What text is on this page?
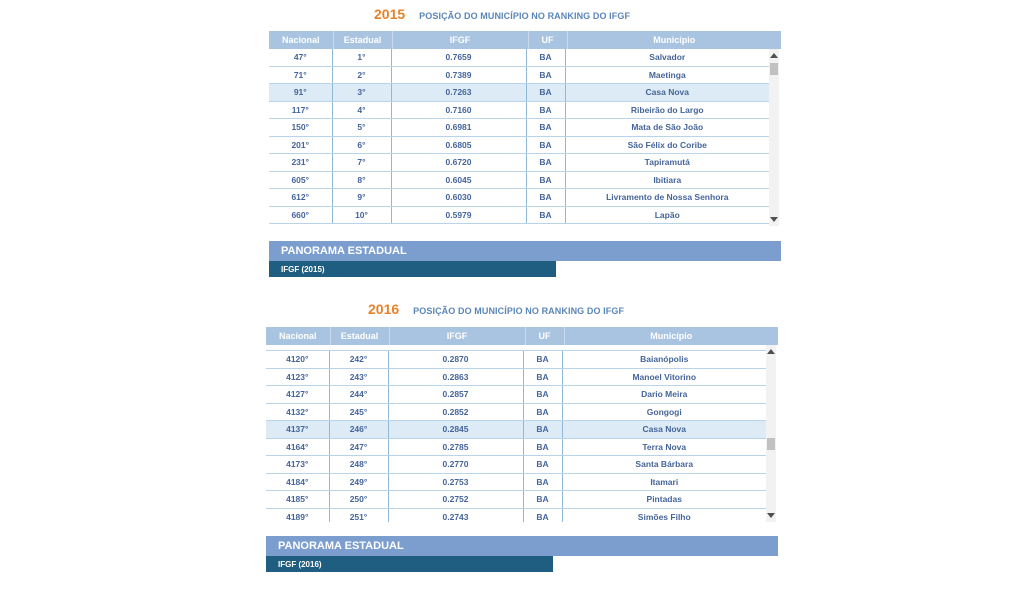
2015 POSIÇÃO DO MUNICÍPIO NO RANKING DO IFGF
Nacional	Estadual	IFGF	UF	Município
47°	1°	0.7659	BA	Salvador
71°	2°	0.7389	BA	Maetinga
91°	3°	0.7263	BA	Casa Nova
117°	4°	0.7160	BA	Ribeirão do Largo
150°	5°	0.6981	BA	Mata de São João
201°	6°	0.6805	BA	São Félix do Coribe
231°	7°	0.6720	BA	Tapiramutá
605°	8°	0.6045	BA	Ibitiara
612°	9°	0.6030	BA	Livramento de Nossa Senhora
660°	10°	0.5979	BA	Lapão
PANORAMA ESTADUAL
IFGF (2015)
2016 POSIÇÃO DO MUNICÍPIO NO RANKING DO IFGF
Nacional	Estadual	IFGF	UF	Município
4120°	242°	0.2870	BA	Baianópolis
4123°	243°	0.2863	BA	Manoel Vitorino
4127°	244°	0.2857	BA	Dario Meira
4132°	245°	0.2852	BA	Gongogi
4137°	246°	0.2845	BA	Casa Nova
4164°	247°	0.2785	BA	Terra Nova
4173°	248°	0.2770	BA	Santa Bárbara
4184°	249°	0.2753	BA	Itamari
4185°	250°	0.2752	BA	Pintadas
4189°	251°	0.2743	BA	Simões Filho
PANORAMA ESTADUAL
IFGF (2016)
